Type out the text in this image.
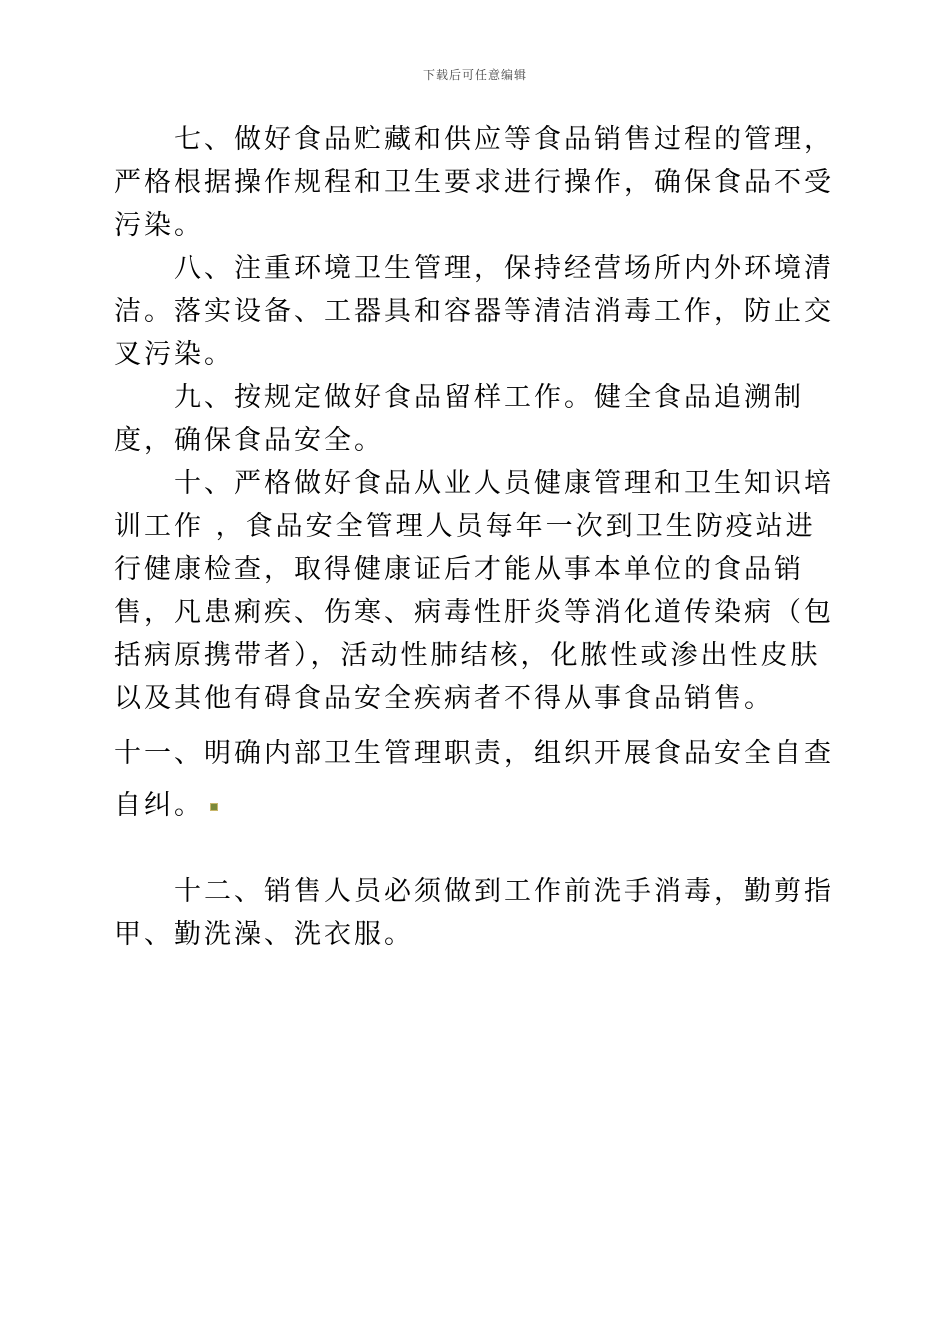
下载后可任意编辑

七、做好食品贮藏和供应等食品销售过程的管理，严格根据操作规程和卫生要求进行操作，确保食品不受污染。

八、注重环境卫生管理，保持经营场所内外环境清洁。落实设备、工器具和容器等清洁消毒工作，防止交叉污染。

九、按规定做好食品留样工作。健全食品追溯制度，确保食品安全。

十、严格做好食品从业人员健康管理和卫生知识培训工作 ，食品安全管理人员每年一次到卫生防疫站进行健康检查，取得健康证后才能从事本单位的食品销售，凡患痢疾、伤寒、病毒性肝炎等消化道传染病（包括病原携带者），活动性肺结核，化脓性或渗出性皮肤以及其他有碍食品安全疾病者不得从事食品销售。

十一、明确内部卫生管理职责，组织开展食品安全自查自纠。

十二、销售人员必须做到工作前洗手消毒，勤剪指甲、勤洗澡、洗衣服。
